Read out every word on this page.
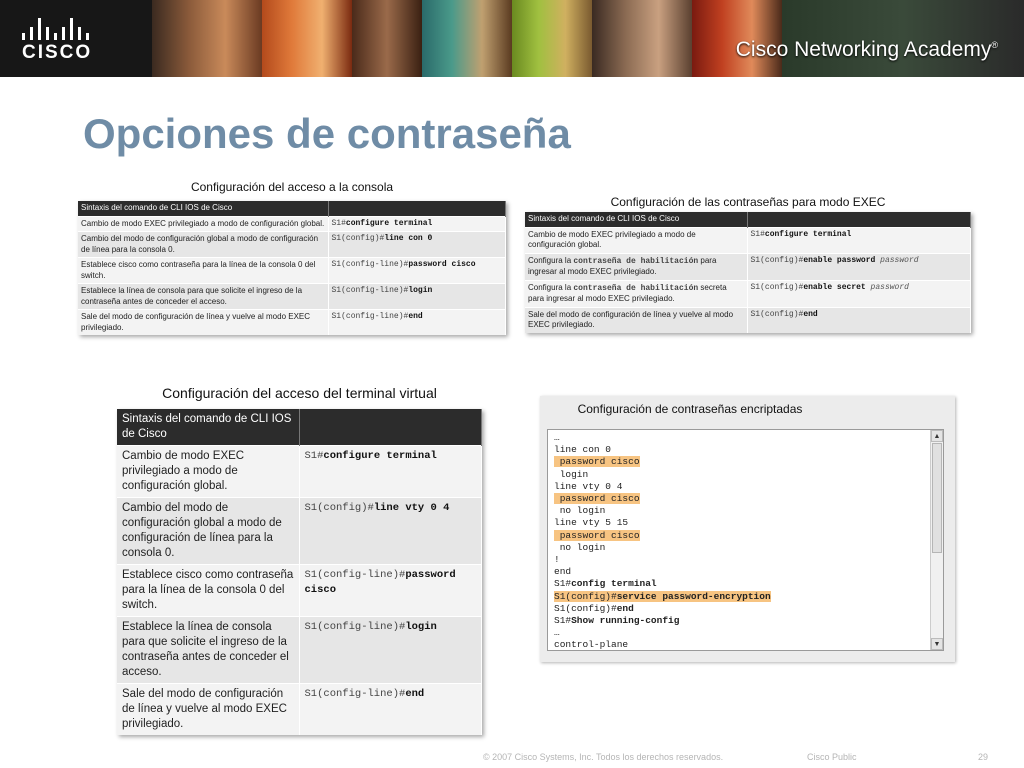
CISCO	Cisco Networking Academy®
Opciones de contraseña
Configuración del acceso a la consola
Sintaxis del comando de CLI IOS de Cisco	
Cambio de modo EXEC privilegiado a modo de configuración global.	S1#configure terminal
Cambio del modo de configuración global a modo de configuración de línea para la consola 0.	S1(config)#line con 0
Establece cisco como contraseña para la línea de la consola 0 del switch.	S1(config-line)#password cisco
Establece la línea de consola para que solicite el ingreso de la contraseña antes de conceder el acceso.	S1(config-line)#login
Sale del modo de configuración de línea y vuelve al modo EXEC privilegiado.	S1(config-line)#end
Configuración de las contraseñas para modo EXEC
Sintaxis del comando de CLI IOS de Cisco	
Cambio de modo EXEC privilegiado a modo de configuración global.	S1#configure terminal
Configura la contraseña de habilitación para ingresar al modo EXEC privilegiado.	S1(config)#enable password password
Configura la contraseña de habilitación secreta para ingresar al modo EXEC privilegiado.	S1(config)#enable secret password
Sale del modo de configuración de línea y vuelve al modo EXEC privilegiado.	S1(config)#end
Configuración del acceso del terminal virtual
Sintaxis del comando de CLI IOS de Cisco	
Cambio de modo EXEC privilegiado a modo de configuración global.	S1#configure terminal
Cambio del modo de configuración global a modo de configuración de línea para la consola 0.	S1(config)#line vty 0 4
Establece cisco como contraseña para la línea de la consola 0 del switch.	S1(config-line)#password cisco
Establece la línea de consola para que solicite el ingreso de la contraseña antes de conceder el acceso.	S1(config-line)#login
Sale del modo de configuración de línea y vuelve al modo EXEC privilegiado.	S1(config-line)#end
Configuración de contraseñas encriptadas
…
line con 0
password cisco
login
line vty 0 4
password cisco
no login
line vty 5 15
password cisco
no login
!
end
S1#config terminal
S1(config)#service password-encryption
S1(config)#end
S1#Show running-config
…
control-plane
▲
▼
© 2007 Cisco Systems, Inc. Todos los derechos reservados.	Cisco Public	29
